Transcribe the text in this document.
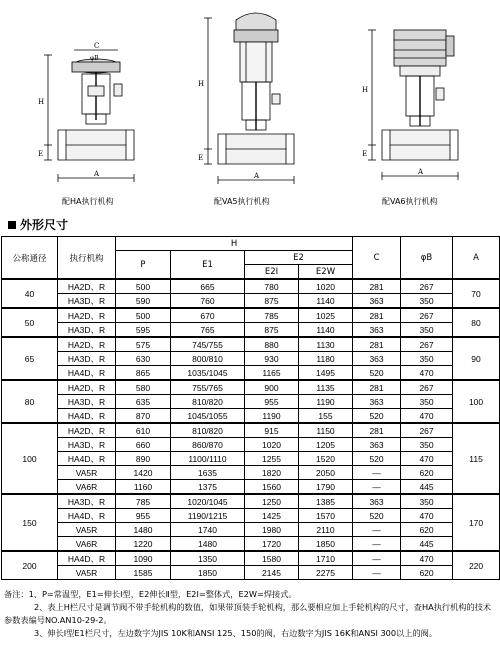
C
φB
H
E
A
H
E
A
H
E
A
配HA执行机构	配VA5执行机构	配VA6执行机构
外形尺寸
公称通径	执行机构	H				C	φB	A
		P	E1	E2				
				E2Ⅰ	E2W			
40	HA2D、R	500	665	780	1020	281	267	70
	HA3D、R	590	760	875	1140	363	350	
50	HA2D、R	500	670	785	1025	281	267	80
	HA3D、R	595	765	875	1140	363	350	
65	HA2D、R	575	745/755	880	1130	281	267	90
	HA3D、R	630	800/810	930	1180	363	350	
	HA4D、R	865	1035/1045	1165	1495	520	470	
80	HA2D、R	580	755/765	900	1135	281	267	100
	HA3D、R	635	810/820	955	1190	363	350	
	HA4D、R	870	1045/1055	1190	155	520	470	
100	HA2D、R	610	810/820	915	1150	281	267	115
	HA3D、R	660	860/870	1020	1205	363	350	
	HA4D、R	890	1100/1110	1255	1520	520	470	
	VA5R	1420	1635	1820	2050	—	620	
	VA6R	1160	1375	1560	1790	—	445	
150	HA3D、R	785	1020/1045	1250	1385	363	350	170
	HA4D、R	955	1190/1215	1425	1570	520	470	
	VA5R	1480	1740	1980	2110	—	620	
	VA6R	1220	1480	1720	1850	—	445	
200	HA4D、R	1090	1350	1580	1710	—	470	220
	VA5R	1585	1850	2145	2275	—	620	

备注：1、P=常温型，E1=伸长Ⅰ型，E2伸长Ⅱ型，E2Ⅰ=整体式，E2W=焊接式。

2、表上H栏尺寸是调节阀不带手轮机构的数值，如果带顶装手轮机构，那么要相应加上手轮机构的尺寸，查HA执行机构的技术参数表编号NO.AN10-29-2。

3、伸长Ⅰ型E1栏尺寸，左边数字为JIS 10K和ANSI 125、150的阀，右边数字为JIS 16K和ANSI 300以上的阀。
